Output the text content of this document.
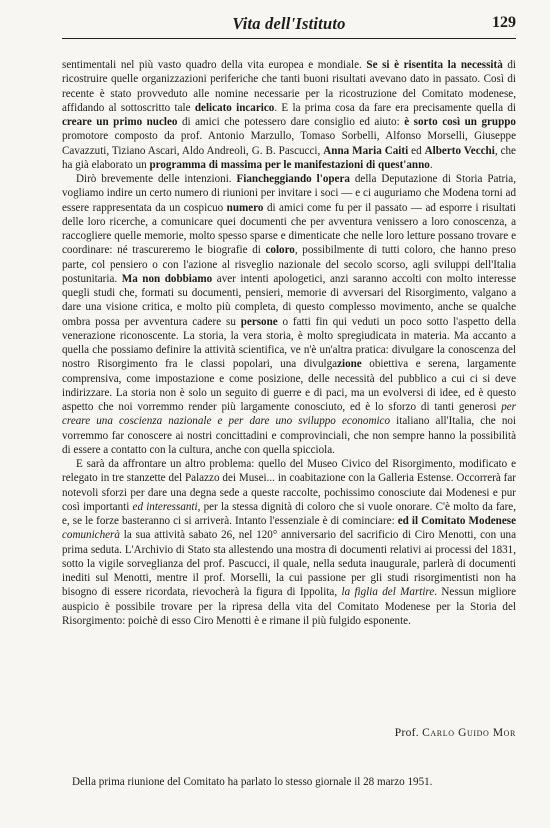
Vita dell'Istituto	129

sentimentali nel più vasto quadro della vita europea e mondiale. Se si è risentita la necessità di ricostruire quelle organizzazioni periferiche che tanti buoni risultati avevano dato in passato. Così di recente è stato provveduto alle nomine necessarie per la ricostruzione del Comitato modenese, affidando al sottoscritto tale delicato incarico. E la prima cosa da fare era precisamente quella di creare un primo nucleo di amici che potessero dare consiglio ed aiuto: è sorto così un gruppo promotore composto da prof. Antonio Marzullo, Tomaso Sorbelli, Alfonso Morselli, Giuseppe Cavazzuti, Tiziano Ascari, Aldo Andreoli, G. B. Pascucci, Anna Maria Caiti ed Alberto Vecchi, che ha già elaborato un programma di massima per le manifestazioni di quest'anno.

Dirò brevemente delle intenzioni. Fiancheggiando l'opera della Deputazione di Storia Patria, vogliamo indire un certo numero di riunioni per invitare i soci — e ci auguriamo che Modena torni ad essere rappresentata da un cospicuo numero di amici come fu per il passato — ad esporre i risultati delle loro ricerche, a comunicare quei documenti che per avventura venissero a loro conoscenza, a raccogliere quelle memorie, molto spesso sparse e dimenticate che nelle loro letture possano trovare e coordinare: né trascureremo le biografie di coloro, possibilmente di tutti coloro, che hanno preso parte, col pensiero o con l'azione al risveglio nazionale del secolo scorso, agli sviluppi dell'Italia postunitaria. Ma non dobbiamo aver intenti apologetici, anzi saranno accolti con molto interesse quegli studi che, formati su documenti, pensieri, memorie di avversari del Risorgimento, valgano a dare una visione critica, e molto più completa, di questo complesso movimento, anche se qualche ombra possa per avventura cadere su persone o fatti fin qui veduti un poco sotto l'aspetto della venerazione riconoscente. La storia, la vera storia, è molto spregiudicata in materia. Ma accanto a quella che possiamo definire la attività scientifica, ve n'è un'altra pratica: divulgare la conoscenza del nostro Risorgimento fra le classi popolari, una divulgazione obiettiva e serena, largamente comprensiva, come impostazione e come posizione, delle necessità del pubblico a cui ci si deve indirizzare. La storia non è solo un seguito di guerre e di paci, ma un evolversi di idee, ed è questo aspetto che noi vorremmo render più largamente conosciuto, ed è lo sforzo di tanti generosi per creare una coscienza nazionale e per dare uno sviluppo economico italiano all'Italia, che noi vorremmo far conoscere ai nostri concittadini e comprovinciali, che non sempre hanno la possibilità di essere a contatto con la cultura, anche con quella spicciola.

E sarà da affrontare un altro problema: quello del Museo Civico del Risorgimento, modificato e relegato in tre stanzette del Palazzo dei Musei... in coabitazione con la Galleria Estense. Occorrerà far notevoli sforzi per dare una degna sede a queste raccolte, pochissimo conosciute dai Modenesi e pur così importanti ed interessanti, per la stessa dignità di coloro che si vuole onorare. C'è molto da fare, e, se le forze basteranno ci si arriverà. Intanto l'essenziale è di cominciare: ed il Comitato Modenese comunicherà la sua attività sabato 26, nel 120° anniversario del sacrificio di Ciro Menotti, con una prima seduta. L'Archivio di Stato sta allestendo una mostra di documenti relativi ai processi del 1831, sotto la vigile sorveglianza del prof. Pascucci, il quale, nella seduta inaugurale, parlerà di documenti inediti sul Menotti, mentre il prof. Morselli, la cui passione per gli studi risorgimentisti non ha bisogno di essere ricordata, rievocherà la figura di Ippolita, la figlia del Martire. Nessun migliore auspicio è possibile trovare per la ripresa della vita del Comitato Modenese per la Storia del Risorgimento: poichè di esso Ciro Menotti è e rimane il più fulgido esponente.

Prof. Carlo Guido Mor
Della prima riunione del Comitato ha parlato lo stesso giornale il 28 marzo 1951.
